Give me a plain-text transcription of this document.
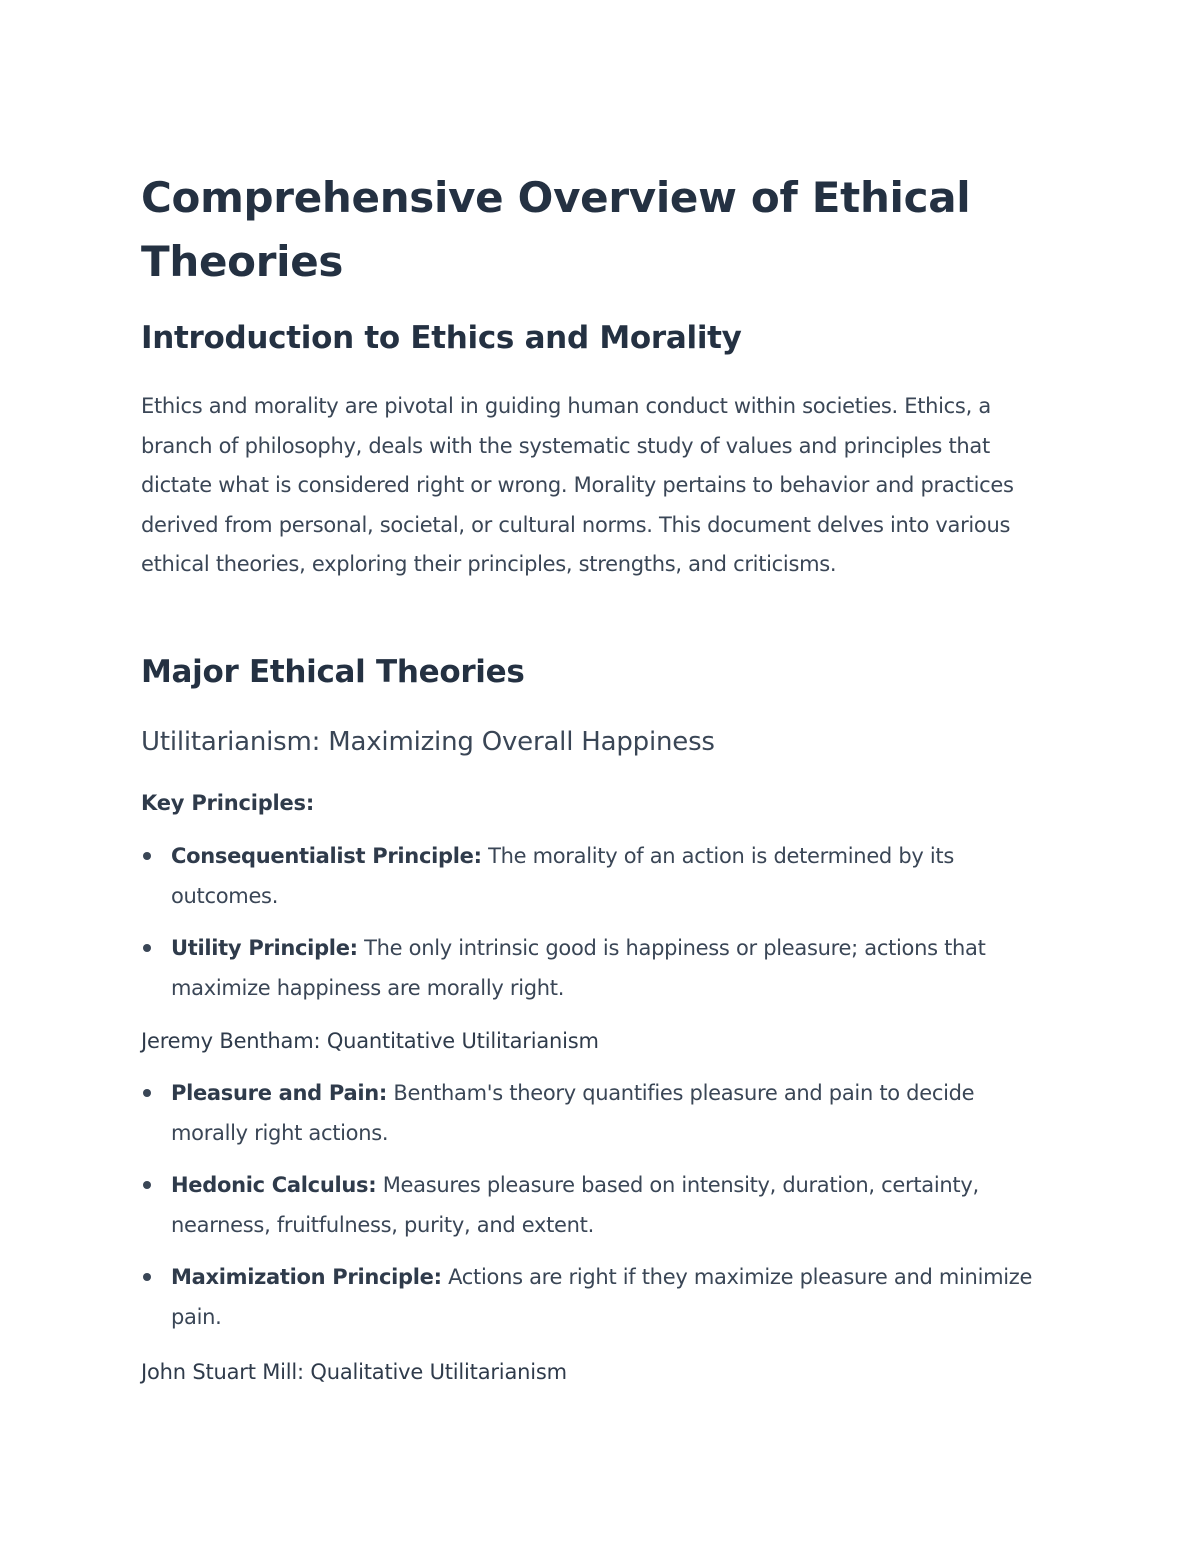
Comprehensive Overview of Ethical Theories
Introduction to Ethics and Morality

Ethics and morality are pivotal in guiding human conduct within societies. Ethics, a branch of philosophy, deals with the systematic study of values and principles that dictate what is considered right or wrong. Morality pertains to behavior and practices derived from personal, societal, or cultural norms. This document delves into various ethical theories, exploring their principles, strengths, and criticisms.

Major Ethical Theories
Utilitarianism: Maximizing Overall Happiness
Key Principles:
Consequentialist Principle: The morality of an action is determined by its outcomes.
Utility Principle: The only intrinsic good is happiness or pleasure; actions that maximize happiness are morally right.
Jeremy Bentham: Quantitative Utilitarianism
Pleasure and Pain: Bentham's theory quantifies pleasure and pain to decide morally right actions.
Hedonic Calculus: Measures pleasure based on intensity, duration, certainty, nearness, fruitfulness, purity, and extent.
Maximization Principle: Actions are right if they maximize pleasure and minimize pain.
John Stuart Mill: Qualitative Utilitarianism
